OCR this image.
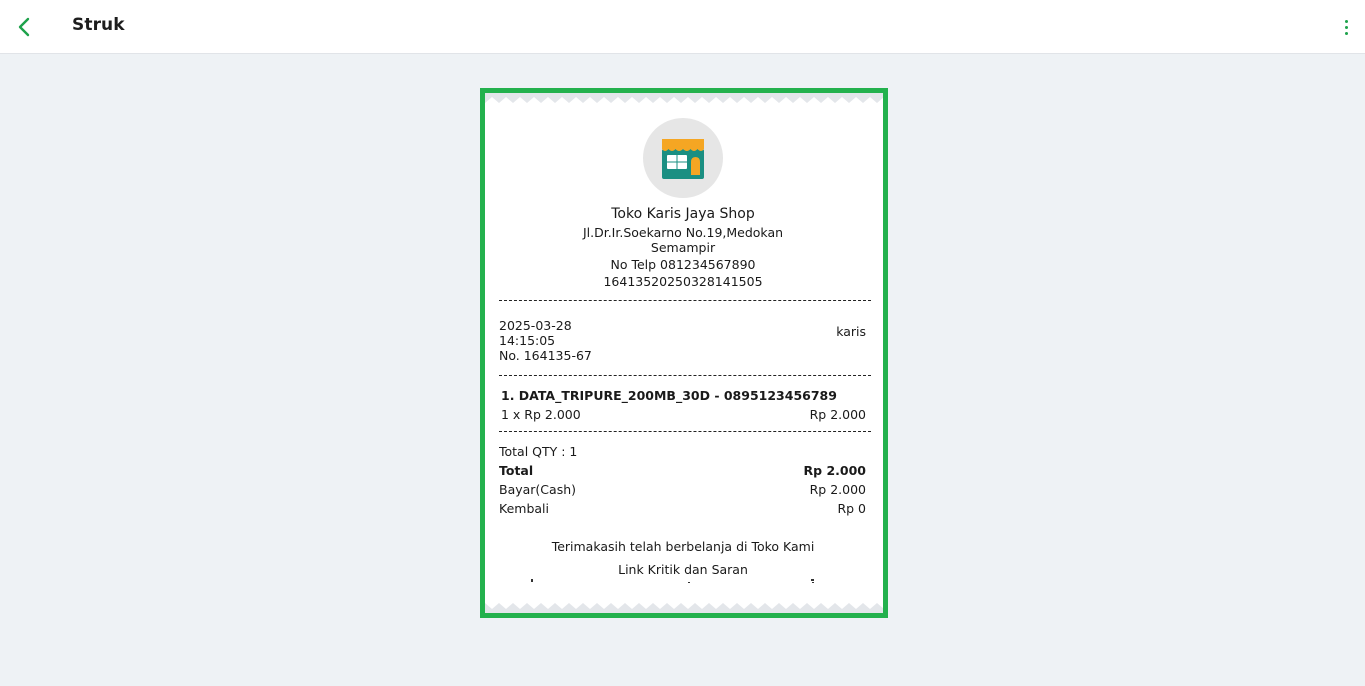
Struk
Toko Karis Jaya Shop
Jl.Dr.Ir.Soekarno No.19,Medokan
Semampir
No Telp 081234567890
16413520250328141505
2025-03-28
14:15:05
No. 164135-67
karis
1. DATA_TRIPURE_200MB_30D - 0895123456789
1 x Rp 2.000	Rp 2.000
Total QTY : 1
Total	Rp 2.000
Bayar(Cash)	Rp 2.000
Kembali	Rp 0
Terimakasih telah berbelanja di Toko Kami
Link Kritik dan Saran
